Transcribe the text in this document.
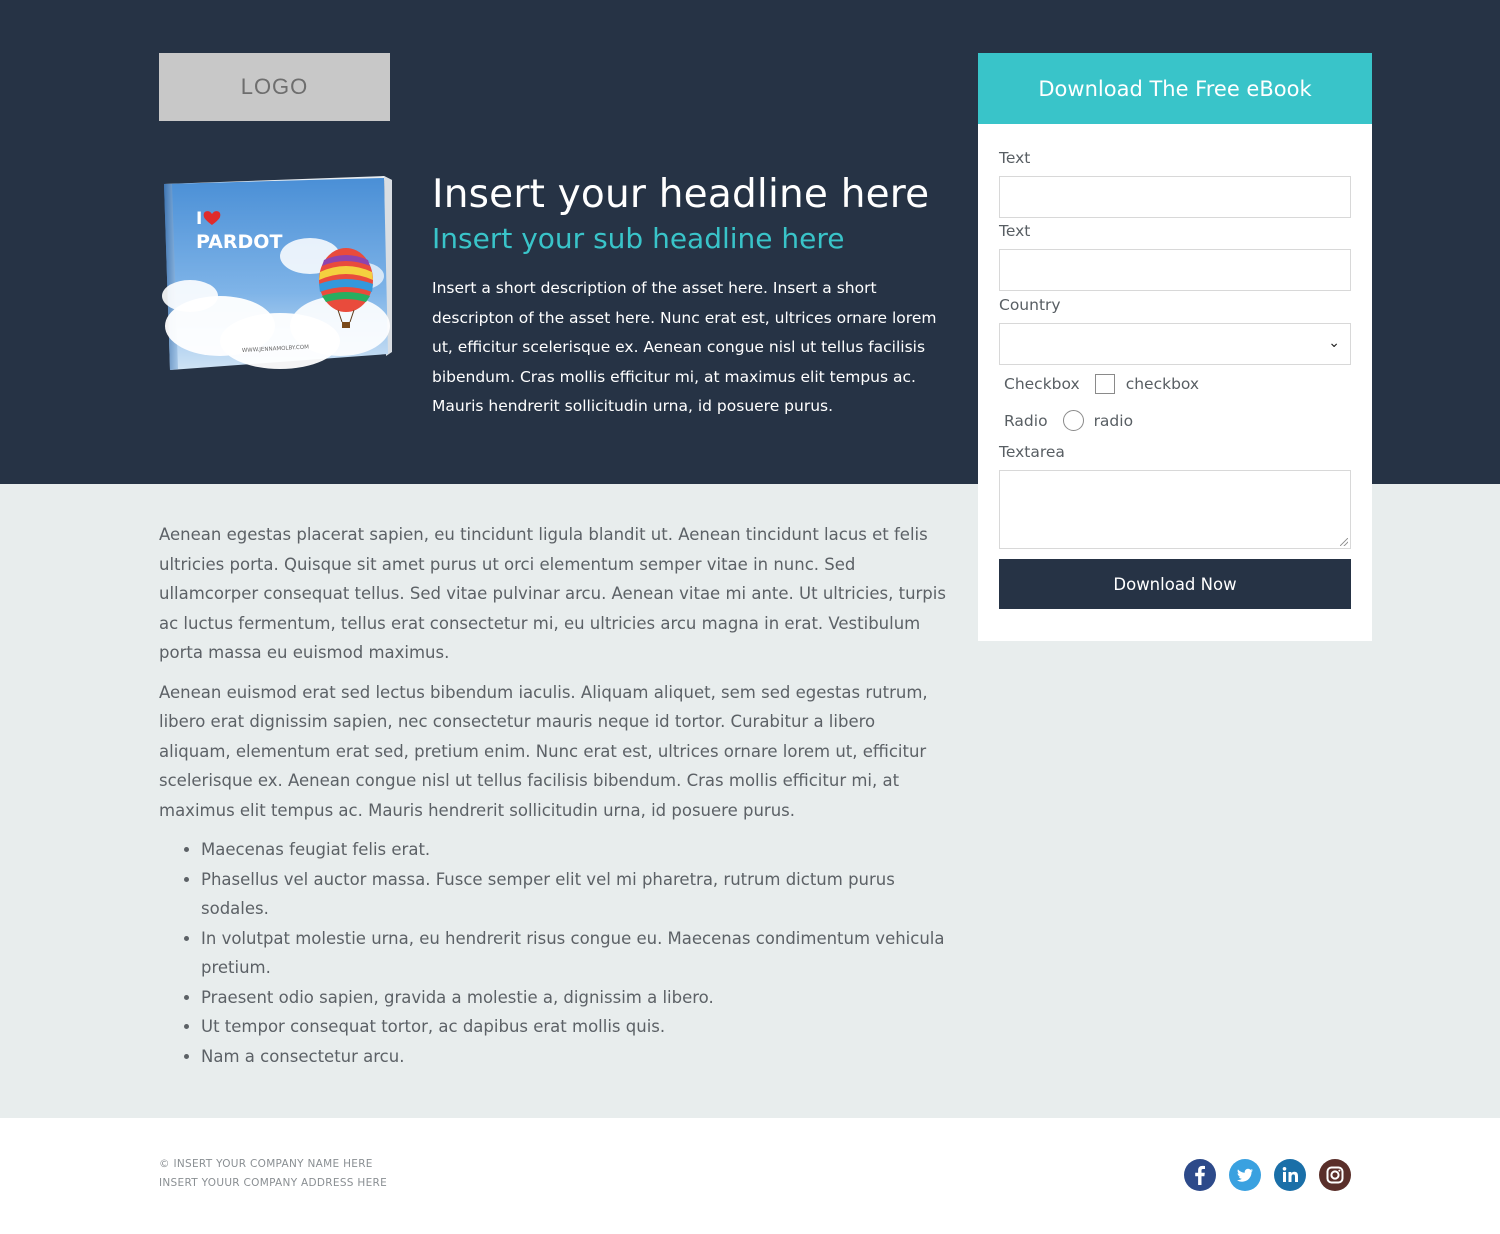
LOGO
I
PARDOT
WWW.JENNAMOLBY.COM
Insert your headline here
Insert your sub headline here
Insert a short description of the asset here. Insert a short descripton of the asset here. Nunc erat est, ultrices ornare lorem ut, efficitur scelerisque ex. Aenean congue nisl ut tellus facilisis bibendum. Cras mollis efficitur mi, at maximus elit tempus ac. Mauris hendrerit sollicitudin urna, id posuere purus.

Aenean egestas placerat sapien, eu tincidunt ligula blandit ut. Aenean tincidunt lacus et felis ultricies porta. Quisque sit amet purus ut orci elementum semper vitae in nunc. Sed ullamcorper consequat tellus. Sed vitae pulvinar arcu. Aenean vitae mi ante. Ut ultricies, turpis ac luctus fermentum, tellus erat consectetur mi, eu ultricies arcu magna in erat. Vestibulum porta massa eu euismod maximus.

Aenean euismod erat sed lectus bibendum iaculis. Aliquam aliquet, sem sed egestas rutrum, libero erat dignissim sapien, nec consectetur mauris neque id tortor. Curabitur a libero aliquam, elementum erat sed, pretium enim. Nunc erat est, ultrices ornare lorem ut, efficitur scelerisque ex. Aenean congue nisl ut tellus facilisis bibendum. Cras mollis efficitur mi, at maximus elit tempus ac. Mauris hendrerit sollicitudin urna, id posuere purus.

• Maecenas feugiat felis erat.
• Phasellus vel auctor massa. Fusce semper elit vel mi pharetra, rutrum dictum purus sodales.
• In volutpat molestie urna, eu hendrerit risus congue eu. Maecenas condimentum vehicula pretium.
• Praesent odio sapien, gravida a molestie a, dignissim a libero.
• Ut tempor consequat tortor, ac dapibus erat mollis quis.
• Nam a consectetur arcu.
Download The Free eBook
Text
Text
Country
⌄
Checkbox	checkbox
Radio	radio
Textarea
Download Now
© INSERT YOUR COMPANY NAME HERE
INSERT YOUUR COMPANY ADDRESS HERE
